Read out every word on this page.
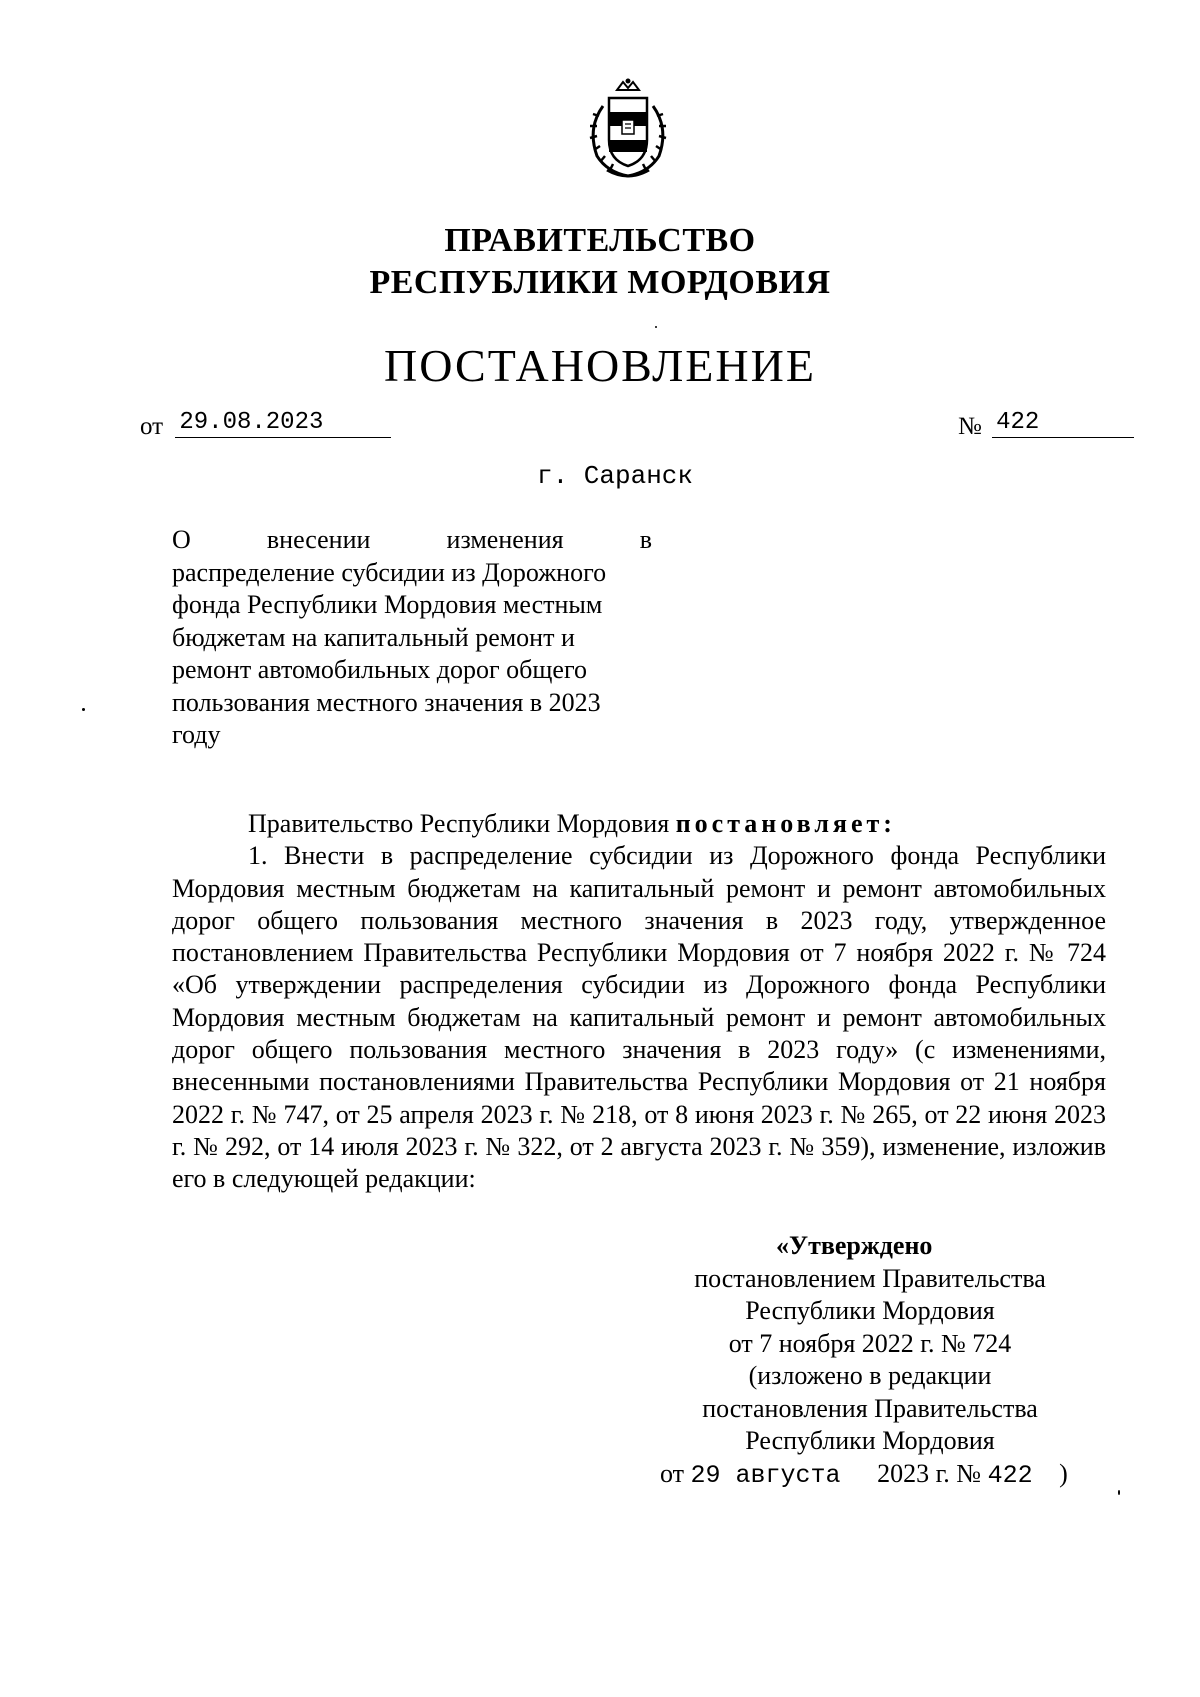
ПРАВИТЕЛЬСТВО
РЕСПУБЛИКИ МОРДОВИЯ
ПОСТАНОВЛЕНИЕ
от 29.08.2023	№ 422
г. Саранск
О	внесении	изменения	в
распределение субсидии из Дорожного
фонда Республики Мордовия местным
бюджетам на капитальный ремонт и
ремонт автомобильных дорог общего
пользования местного значения в 2023
году

Правительство Республики Мордовия постановляет:

1. Внести в распределение субсидии из Дорожного фонда Республики Мордовия местным бюджетам на капитальный ремонт и ремонт автомобильных дорог общего пользования местного значения в 2023 году, утвержденное постановлением Правительства Республики Мордовия от 7 ноября 2022 г. № 724 «Об утверждении распределения субсидии из Дорожного фонда Республики Мордовия местным бюджетам на капитальный ремонт и ремонт автомобильных дорог общего пользования местного значения в 2023 году» (с изменениями, внесенными постановлениями Правительства Республики Мордовия от 21 ноября 2022 г. № 747, от 25 апреля 2023 г. № 218, от 8 июня 2023 г. № 265, от 22 июня 2023 г. № 292, от 14 июля 2023 г. № 322, от 2 августа 2023 г. № 359), изменение, изложив его в следующей редакции:

«Утверждено
постановлением Правительства
Республики Мордовия
от 7 ноября 2022 г. № 724
(изложено в редакции
постановления Правительства
Республики Мордовия
от 29 августа 2023 г. № 422 )
